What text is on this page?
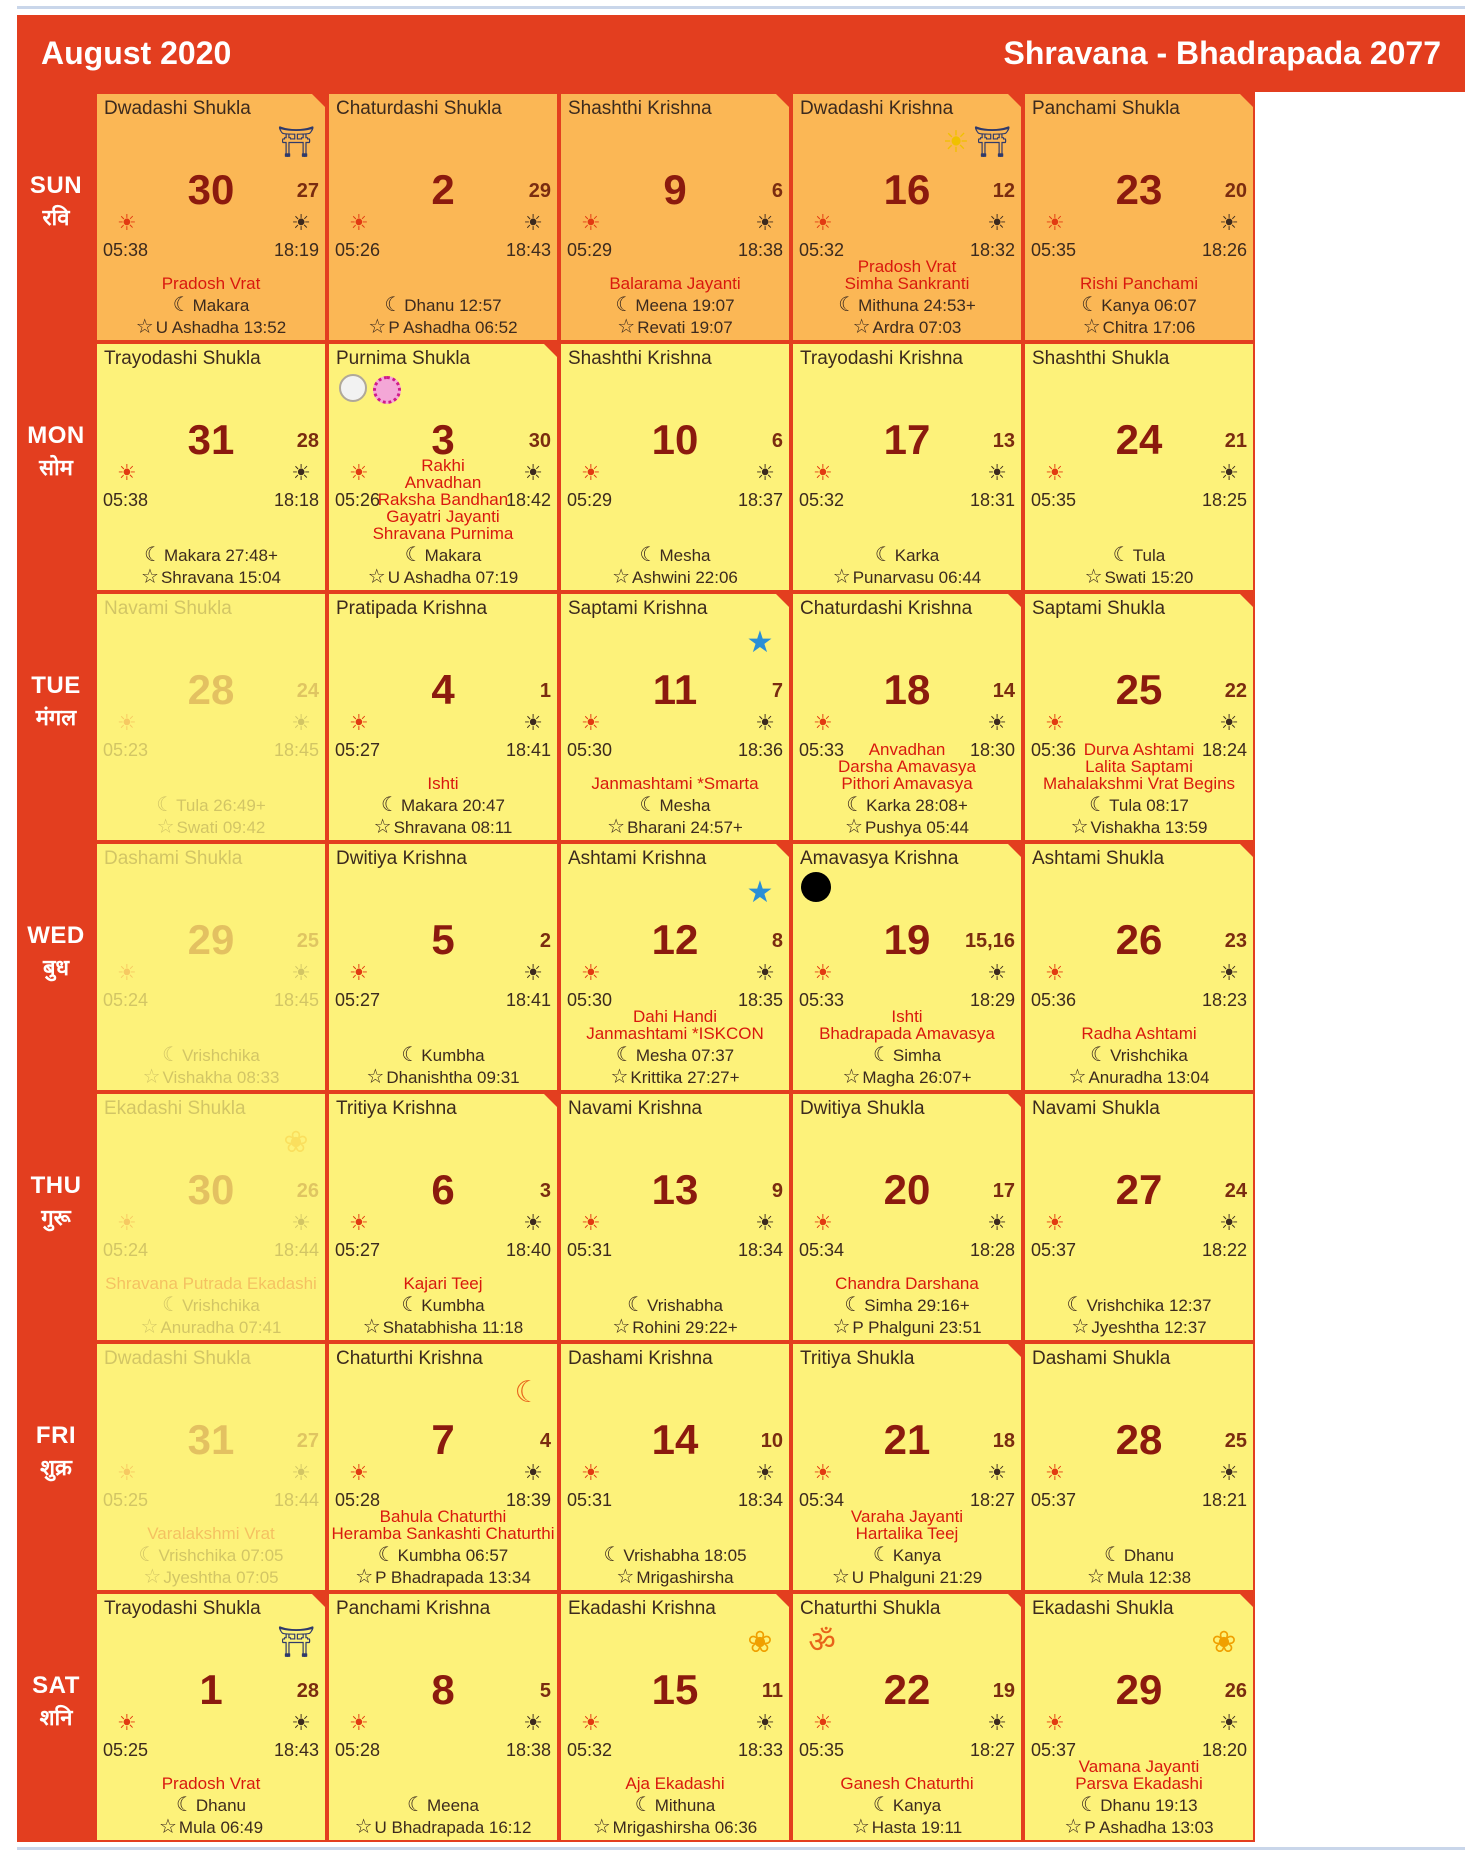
August 2020	Shravana - Bhadrapada 2077
SUN
रवि
Dwadashi Shukla
⛩
30	27
☀	☀
05:38	18:19
Pradosh Vrat
☾ Makara
☆ U Ashadha 13:52
Chaturdashi Shukla
2	29
☀	☀
05:26	18:43
☾ Dhanu 12:57
☆ P Ashadha 06:52
Shashthi Krishna
9	6
☀	☀
05:29	18:38
Balarama Jayanti
☾ Meena 19:07
☆ Revati 19:07
Dwadashi Krishna
☀ ⛩
16	12
☀	☀
05:32	18:32
Pradosh Vrat
Simha Sankranti
☾ Mithuna 24:53+
☆ Ardra 07:03
Panchami Shukla
23	20
☀	☀
05:35	18:26
Rishi Panchami
☾ Kanya 06:07
☆ Chitra 17:06
MON
सोम
Trayodashi Shukla
31	28
☀	☀
05:38	18:18
☾ Makara 27:48+
☆ Shravana 15:04
Purnima Shukla
3	30
☀	☀
05:26	18:42
Rakhi
Anvadhan
Raksha Bandhan
Gayatri Jayanti
Shravana Purnima
☾ Makara
☆ U Ashadha 07:19
Shashthi Krishna
10	6
☀	☀
05:29	18:37
☾ Mesha
☆ Ashwini 22:06
Trayodashi Krishna
17	13
☀	☀
05:32	18:31
☾ Karka
☆ Punarvasu 06:44
Shashthi Shukla
24	21
☀	☀
05:35	18:25
☾ Tula
☆ Swati 15:20
TUE
मंगल
Navami Shukla
28	24
☀	☀
05:23	18:45
☾ Tula 26:49+
☆ Swati 09:42
Pratipada Krishna
4	1
☀	☀
05:27	18:41
Ishti
☾ Makara 20:47
☆ Shravana 08:11
Saptami Krishna
★
11	7
☀	☀
05:30	18:36
Janmashtami *Smarta
☾ Mesha
☆ Bharani 24:57+
Chaturdashi Krishna
18	14
☀	☀
05:33	18:30
Anvadhan
Darsha Amavasya
Pithori Amavasya
☾ Karka 28:08+
☆ Pushya 05:44
Saptami Shukla
25	22
☀	☀
05:36	18:24
Durva Ashtami
Lalita Saptami
Mahalakshmi Vrat Begins
☾ Tula 08:17
☆ Vishakha 13:59
WED
बुध
Dashami Shukla
29	25
☀	☀
05:24	18:45
☾ Vrishchika
☆ Vishakha 08:33
Dwitiya Krishna
5	2
☀	☀
05:27	18:41
☾ Kumbha
☆ Dhanishtha 09:31
Ashtami Krishna
★
12	8
☀	☀
05:30	18:35
Dahi Handi
Janmashtami *ISKCON
☾ Mesha 07:37
☆ Krittika 27:27+
Amavasya Krishna
19	15,16
☀	☀
05:33	18:29
Ishti
Bhadrapada Amavasya
☾ Simha
☆ Magha 26:07+
Ashtami Shukla
26	23
☀	☀
05:36	18:23
Radha Ashtami
☾ Vrishchika
☆ Anuradha 13:04
THU
गुरू
Ekadashi Shukla
❀
30	26
☀	☀
05:24	18:44
Shravana Putrada Ekadashi
☾ Vrishchika
☆ Anuradha 07:41
Tritiya Krishna
6	3
☀	☀
05:27	18:40
Kajari Teej
☾ Kumbha
☆ Shatabhisha 11:18
Navami Krishna
13	9
☀	☀
05:31	18:34
☾ Vrishabha
☆ Rohini 29:22+
Dwitiya Shukla
20	17
☀	☀
05:34	18:28
Chandra Darshana
☾ Simha 29:16+
☆ P Phalguni 23:51
Navami Shukla
27	24
☀	☀
05:37	18:22
☾ Vrishchika 12:37
☆ Jyeshtha 12:37
FRI
शुक्र
Dwadashi Shukla
31	27
☀	☀
05:25	18:44
Varalakshmi Vrat
☾ Vrishchika 07:05
☆ Jyeshtha 07:05
Chaturthi Krishna
☾
7	4
☀	☀
05:28	18:39
Bahula Chaturthi
Heramba Sankashti Chaturthi
☾ Kumbha 06:57
☆ P Bhadrapada 13:34
Dashami Krishna
14	10
☀	☀
05:31	18:34
☾ Vrishabha 18:05
☆ Mrigashirsha
Tritiya Shukla
21	18
☀	☀
05:34	18:27
Varaha Jayanti
Hartalika Teej
☾ Kanya
☆ U Phalguni 21:29
Dashami Shukla
28	25
☀	☀
05:37	18:21
☾ Dhanu
☆ Mula 12:38
SAT
शनि
Trayodashi Shukla
⛩
1	28
☀	☀
05:25	18:43
Pradosh Vrat
☾ Dhanu
☆ Mula 06:49
Panchami Krishna
8	5
☀	☀
05:28	18:38
☾ Meena
☆ U Bhadrapada 16:12
Ekadashi Krishna
❀
15	11
☀	☀
05:32	18:33
Aja Ekadashi
☾ Mithuna
☆ Mrigashirsha 06:36
Chaturthi Shukla
ॐ
22	19
☀	☀
05:35	18:27
Ganesh Chaturthi
☾ Kanya
☆ Hasta 19:11
Ekadashi Shukla
❀
29	26
☀	☀
05:37	18:20
Vamana Jayanti
Parsva Ekadashi
☾ Dhanu 19:13
☆ P Ashadha 13:03
